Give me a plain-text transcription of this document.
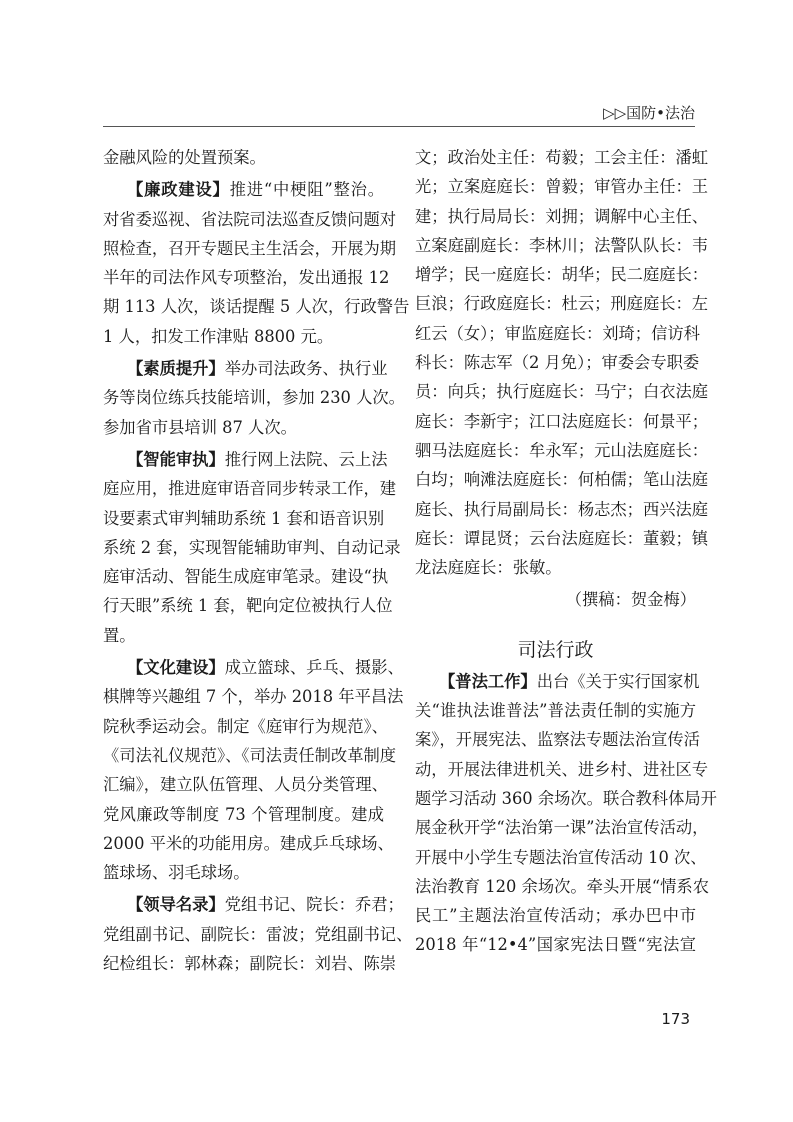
▷▷国防•法治
金融风险的处置预案。
【廉政建设】推进“中梗阻”整治。
对省委巡视、省法院司法巡查反馈问题对
照检查，召开专题民主生活会，开展为期
半年的司法作风专项整治，发出通报 12
期 113 人次，谈话提醒 5 人次，行政警告
1 人，扣发工作津贴 8800 元。
【素质提升】举办司法政务、执行业
务等岗位练兵技能培训，参加 230 人次。
参加省市县培训 87 人次。
【智能审执】推行网上法院、云上法
庭应用，推进庭审语音同步转录工作，建
设要素式审判辅助系统 1 套和语音识别
系统 2 套，实现智能辅助审判、自动记录
庭审活动、智能生成庭审笔录。建设“执
行天眼”系统 1 套，靶向定位被执行人位
置。
【文化建设】成立篮球、乒乓、摄影、
棋牌等兴趣组 7 个，举办 2018 年平昌法
院秋季运动会。制定《庭审行为规范》、
《司法礼仪规范》、《司法责任制改革制度
汇编》，建立队伍管理、人员分类管理、
党风廉政等制度 73 个管理制度。建成
2000 平米的功能用房。建成乒乓球场、
篮球场、羽毛球场。
【领导名录】党组书记、院长：乔君；
党组副书记、副院长：雷波；党组副书记、
纪检组长：郭林森；副院长：刘岩、陈崇
文；政治处主任：苟毅；工会主任：潘虹
光；立案庭庭长：曾毅；审管办主任：王
建；执行局局长：刘拥；调解中心主任、
立案庭副庭长：李林川；法警队队长：韦
增学；民一庭庭长：胡华；民二庭庭长：
巨浪；行政庭庭长：杜云；刑庭庭长：左
红云（女）；审监庭庭长：刘琦；信访科
科长：陈志军（2 月免）；审委会专职委
员：向兵；执行庭庭长：马宁；白衣法庭
庭长：李新宇；江口法庭庭长：何景平；
驷马法庭庭长：牟永军；元山法庭庭长：
白均；响滩法庭庭长：何柏儒；笔山法庭
庭长、执行局副局长：杨志杰；西兴法庭
庭长：谭昆贤；云台法庭庭长：董毅；镇
龙法庭庭长：张敏。
（撰稿：贺金梅）
司法行政
【普法工作】出台《关于实行国家机
关“谁执法谁普法”普法责任制的实施方
案》，开展宪法、监察法专题法治宣传活
动，开展法律进机关、进乡村、进社区专
题学习活动 360 余场次。联合教科体局开
展金秋开学“法治第一课”法治宣传活动，
开展中小学生专题法治宣传活动 10 次、
法治教育 120 余场次。牵头开展“情系农
民工”主题法治宣传活动；承办巴中市
2018 年“12•4”国家宪法日暨“宪法宣
173
